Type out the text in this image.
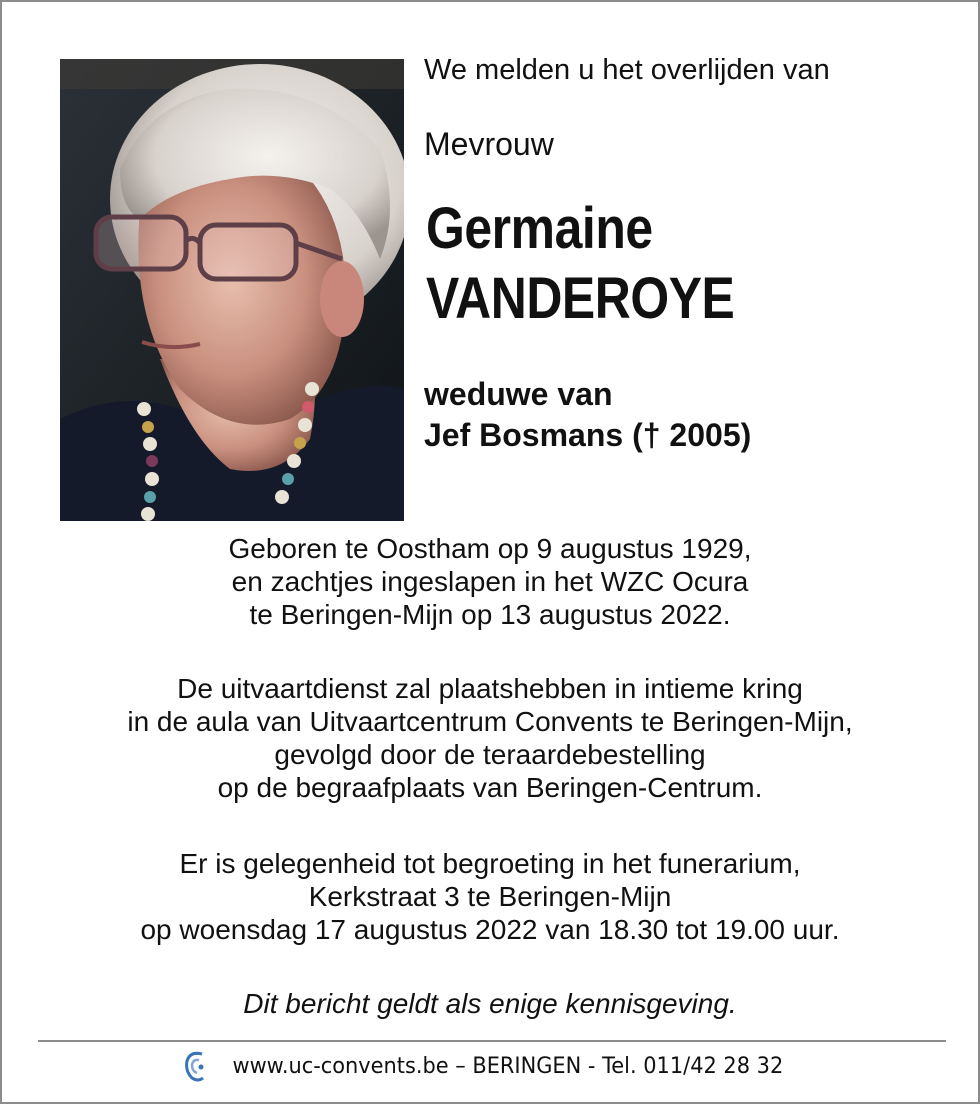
We melden u het overlijden van
Mevrouw
Germaine
VANDEROYE
weduwe van
Jef Bosmans († 2005)
Geboren te Oostham op 9 augustus 1929,
en zachtjes ingeslapen in het WZC Ocura
te Beringen-Mijn op 13 augustus 2022.
De uitvaartdienst zal plaatshebben in intieme kring
in de aula van Uitvaartcentrum Convents te Beringen-Mijn,
gevolgd door de teraardebestelling
op de begraafplaats van Beringen-Centrum.
Er is gelegenheid tot begroeting in het funerarium,
Kerkstraat 3 te Beringen-Mijn
op woensdag 17 augustus 2022 van 18.30 tot 19.00 uur.
Dit bericht geldt als enige kennisgeving.
www.uc-convents.be – BERINGEN - Tel. 011/42 28 32
